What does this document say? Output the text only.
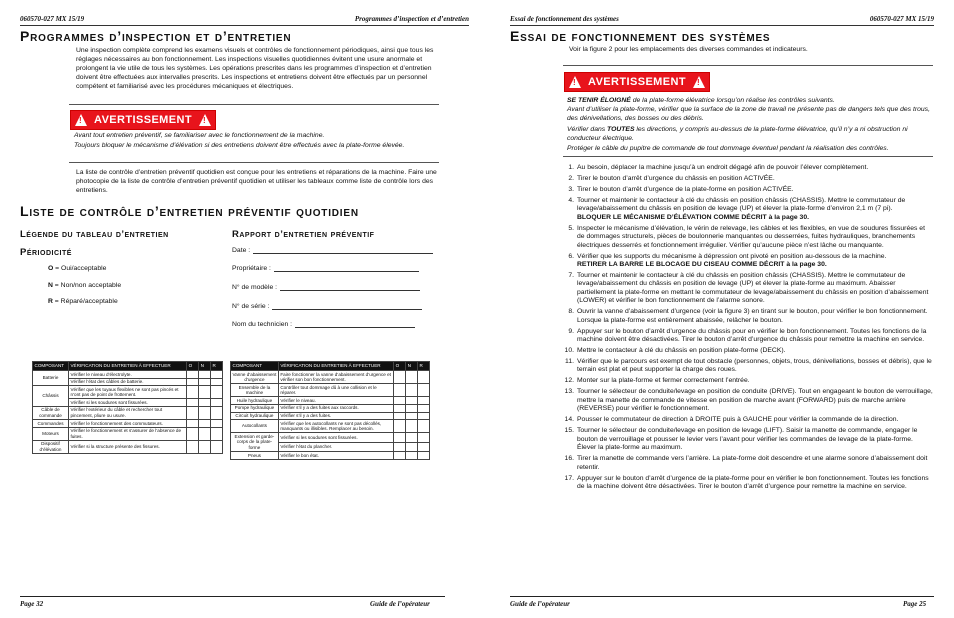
060570-027 MX 15/19	Programmes d’inspection et d’entretien
Programmes d’inspection et d’entretien
Une inspection complète comprend les examens visuels et contrôles de fonctionnement périodiques, ainsi que tous les réglages nécessaires au bon fonctionnement. Les inspections visuelles quotidiennes évitent une usure anormale et prolongent la vie utile de tous les systèmes. Les opérations prescrites dans les programmes d’inspection et d’entretien doivent être effectuées aux intervalles prescrits. Les inspections et entretiens doivent être effectués par un personnel compétent et familiarisé avec les procédures mécaniques et électriques.
! AVERTISSEMENT !
Avant tout entretien préventif, se familiariser avec le fonctionnement de la machine.
Toujours bloquer le mécanisme d’élévation si des entretiens doivent être effectués avec la plate-forme élevée.
La liste de contrôle d’entretien préventif quotidien est conçue pour les entretiens et réparations de la machine. Faire une photocopie de la liste de contrôle d’entretien préventif quotidien et utiliser les tableaux comme liste de contrôle lors des entretiens.
Liste de contrôle d’entretien préventif quotidien
Légende du tableau d’entretien
Périodicité
O = Oui/acceptable
N = Non/non acceptable
R = Réparé/acceptable
Rapport d’entretien préventif
Date :
Propriétaire :
N° de modèle :
N° de série :
Nom du technicien :
COMPOSANT	VÉRIFICATION DU ENTRETIEN À EFFECTUER	O	N	R
Batterie	Vérifier le niveau d’électrolyte.			
	Vérifier l’état des câbles de batterie.			
Châssis	Vérifier que les tuyaux flexibles ne sont pas pincés et n’ont pas de point de frottement.			
	Vérifier si les soudures sont fissurées.			
Câble de commande	Vérifier l’extérieur du câble et rechercher tout pincement, pliure ou usure.			
Commandes	Vérifier le fonctionnement des commutateurs.			
Moteurs	Vérifier le fonctionnement et s’assurer de l’absence de fuites.			
Dispositif d’élévation	Vérifier si la structure présente des fissures.			
COMPOSANT	VÉRIFICATION DU ENTRETIEN À EFFECTUER	O	N	R
Vanne d’abaissement d’urgence	Faire fonctionner la vanne d’abaissement d’urgence et vérifier son bon fonctionnement.			
Ensemble de la machine	Contrôler tout dommage dû à une collision et le réparer.			
Huile hydraulique	Vérifier le niveau.			
Pompe hydraulique	Vérifier s’il y a des fuites aux raccords.			
Circuit hydraulique	Vérifier s’il y a des fuites.			
Autocollants	Vérifier que les autocollants ne sont pas décollés, manquants ou illisibles. Remplacer au besoin.			
Extension et garde-corps de la plate-forme	Vérifier si les soudures sont fissurées.			
	Vérifier l’état du plancher.			
Pneus	Vérifier le bon état.			
Page 32	Guide de l’opérateur
Essai de fonctionnement des systèmes	060570-027 MX 15/19
Essai de fonctionnement des systèmes
Voir la figure 2 pour les emplacements des diverses commandes et indicateurs.
! AVERTISSEMENT !
SE TENIR ÉLOIGNÉ de la plate-forme élévatrice lorsqu’on réalise les contrôles suivants.
Avant d’utiliser la plate-forme, vérifier que la surface de la zone de travail ne présente pas de dangers tels que des trous, des dénivellations, des bosses ou des débris.
Vérifier dans TOUTES les directions, y compris au-dessus de la plate-forme élévatrice, qu’il n’y a ni obstruction ni conducteur électrique.
Protéger le câble du pupitre de commande de tout dommage éventuel pendant la réalisation des contrôles.
1. Au besoin, déplacer la machine jusqu’à un endroit dégagé afin de pouvoir l’élever complètement.
2. Tirer le bouton d’arrêt d’urgence du châssis en position ACTIVÉE.
3. Tirer le bouton d’arrêt d’urgence de la plate-forme en position ACTIVÉE.
4. Tourner et maintenir le contacteur à clé du châssis en position châssis (CHASSIS). Mettre le commutateur de levage/abaissement du châssis en position de levage (UP) et élever la plate-forme d’environ 2,1 m (7 pi).
BLOQUER LE MÉCANISME D’ÉLÉVATION COMME DÉCRIT à la page 30.
5. Inspecter le mécanisme d’élévation, le vérin de relevage, les câbles et les flexibles, en vue de soudures fissurées et de dommages structurels, pièces de boulonnerie manquantes ou desserrées, fuites hydrauliques, branchements électriques desserrés et fonctionnement irrégulier. Vérifier qu’aucune pièce n’est lâche ou manquante.
6. Vérifier que les supports du mécanisme à dépression ont pivoté en position au-dessous de la machine.
RETIRER LA BARRE LE BLOCAGE DU CISEAU COMME DÉCRIT à la page 30.
7. Tourner et maintenir le contacteur à clé du châssis en position châssis (CHASSIS). Mettre le commutateur de levage/abaissement du châssis en position de levage (UP) et élever la plate-forme au maximum. Abaisser partiellement la plate-forme en mettant le commutateur de levage/abaissement du châssis en position d’abaissement (LOWER) et vérifier le bon fonctionnement de l’alarme sonore.
8. Ouvrir la vanne d’abaissement d’urgence (voir la figure 3) en tirant sur le bouton, pour vérifier le bon fonctionnement. Lorsque la plate-forme est entièrement abaissée, relâcher le bouton.
9. Appuyer sur le bouton d’arrêt d’urgence du châssis pour en vérifier le bon fonctionnement. Toutes les fonctions de la machine doivent être désactivées. Tirer le bouton d’arrêt d’urgence du châssis pour remettre la machine en service.
10. Mettre le contacteur à clé du châssis en position plate-forme (DECK).
11. Vérifier que le parcours est exempt de tout obstacle (personnes, objets, trous, dénivellations, bosses et débris), que le terrain est plat et peut supporter la charge des roues.
12. Monter sur la plate-forme et fermer correctement l’entrée.
13. Tourner le sélecteur de conduite/levage en position de conduite (DRIVE). Tout en engageant le bouton de verrouillage, mettre la manette de commande de vitesse en position de marche avant (FORWARD) puis de marche arrière (REVERSE) pour vérifier le fonctionnement.
14. Pousser le commutateur de direction à DROITE puis à GAUCHE pour vérifier la commande de la direction.
15. Tourner le sélecteur de conduite/levage en position de levage (LIFT). Saisir la manette de commande, engager le bouton de verrouillage et pousser le levier vers l’avant pour vérifier les commandes de levage de la plate-forme. Élever la plate-forme au maximum.
16. Tirer la manette de commande vers l’arrière. La plate-forme doit descendre et une alarme sonore d’abaissement doit retentir.
17. Appuyer sur le bouton d’arrêt d’urgence de la plate-forme pour en vérifier le bon fonctionnement. Toutes les fonctions de la machine doivent être désactivées. Tirer le bouton d’arrêt d’urgence pour remettre la machine en service.
Guide de l’opérateur	Page 25
